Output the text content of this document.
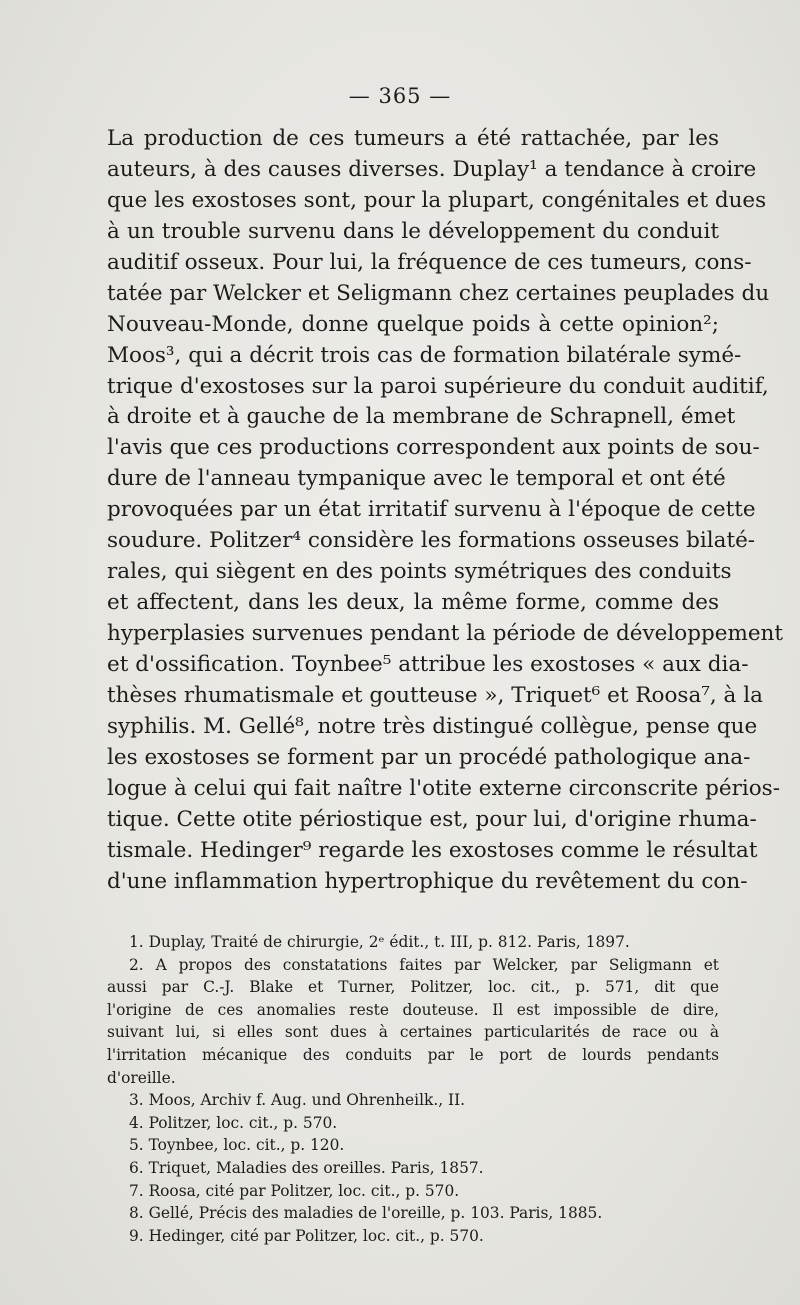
— 365 —
La production de ces tumeurs a été rattachée, par les
auteurs, à des causes diverses. Duplay¹ a tendance à croire
que les exostoses sont, pour la plupart, congénitales et dues
à un trouble survenu dans le développement du conduit
auditif osseux. Pour lui, la fréquence de ces tumeurs, cons-
tatée par Welcker et Seligmann chez certaines peuplades du
Nouveau-Monde, donne quelque poids à cette opinion²;
Moos³, qui a décrit trois cas de formation bilatérale symé-
trique d'exostoses sur la paroi supérieure du conduit auditif,
à droite et à gauche de la membrane de Schrapnell, émet
l'avis que ces productions correspondent aux points de sou-
dure de l'anneau tympanique avec le temporal et ont été
provoquées par un état irritatif survenu à l'époque de cette
soudure. Politzer⁴ considère les formations osseuses bilaté-
rales, qui siègent en des points symétriques des conduits
et affectent, dans les deux, la même forme, comme des
hyperplasies survenues pendant la période de développement
et d'ossification. Toynbee⁵ attribue les exostoses « aux dia-
thèses rhumatismale et goutteuse », Triquet⁶ et Roosa⁷, à la
syphilis. M. Gellé⁸, notre très distingué collègue, pense que
les exostoses se forment par un procédé pathologique ana-
logue à celui qui fait naître l'otite externe circonscrite périos-
tique. Cette otite périostique est, pour lui, d'origine rhuma-
tismale. Hedinger⁹ regarde les exostoses comme le résultat
d'une inflammation hypertrophique du revêtement du con-
1. Duplay, Traité de chirurgie, 2ᵉ édit., t. III, p. 812. Paris, 1897.
2. A propos des constatations faites par Welcker, par Seligmann et
aussi par C.-J. Blake et Turner, Politzer, loc. cit., p. 571, dit que
l'origine de ces anomalies reste douteuse. Il est impossible de dire,
suivant lui, si elles sont dues à certaines particularités de race ou à
l'irritation mécanique des conduits par le port de lourds pendants
d'oreille.
3. Moos, Archiv f. Aug. und Ohrenheilk., II.
4. Politzer, loc. cit., p. 570.
5. Toynbee, loc. cit., p. 120.
6. Triquet, Maladies des oreilles. Paris, 1857.
7. Roosa, cité par Politzer, loc. cit., p. 570.
8. Gellé, Précis des maladies de l'oreille, p. 103. Paris, 1885.
9. Hedinger, cité par Politzer, loc. cit., p. 570.
